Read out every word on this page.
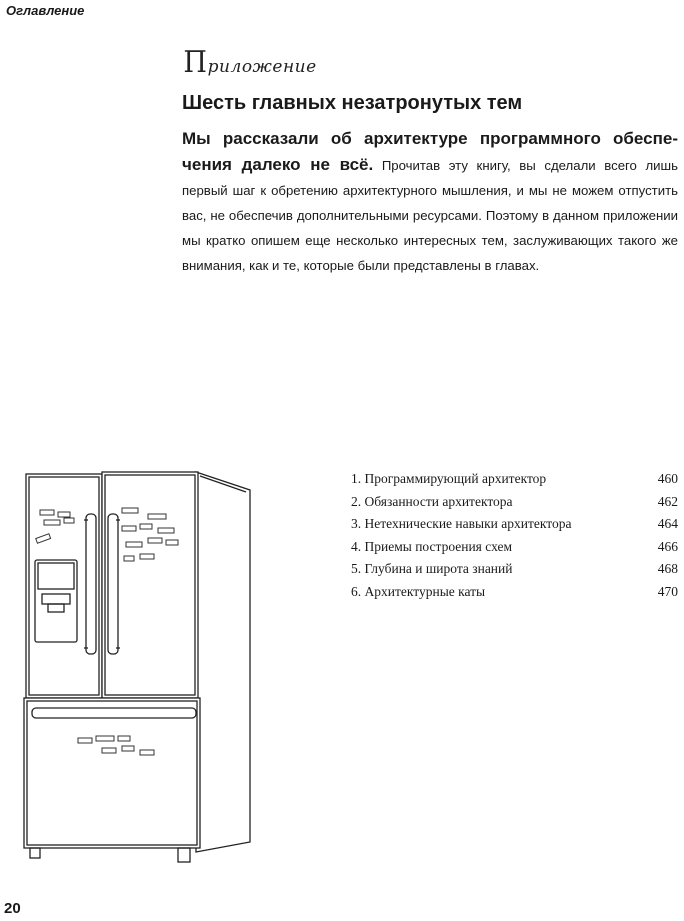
Оглавление
Приложение
Шесть главных незатронутых тем

Мы рассказали об архитектуре программного обеспечения далеко не всё. Прочитав эту книгу, вы сделали всего лишь первый шаг к обретению архитектурного мышления, и мы не можем отпустить вас, не обеспечив дополнительными ресурсами. Поэтому в данном приложении мы кратко опишем еще несколько интересных тем, заслуживающих такого же внимания, как и те, которые были представлены в главах.

1. Программирующий архитектор	460
2. Обязанности архитектора	462
3. Нетехнические навыки архитектора	464
4. Приемы построения схем	466
5. Глубина и широта знаний	468
6. Архитектурные каты	470
20
